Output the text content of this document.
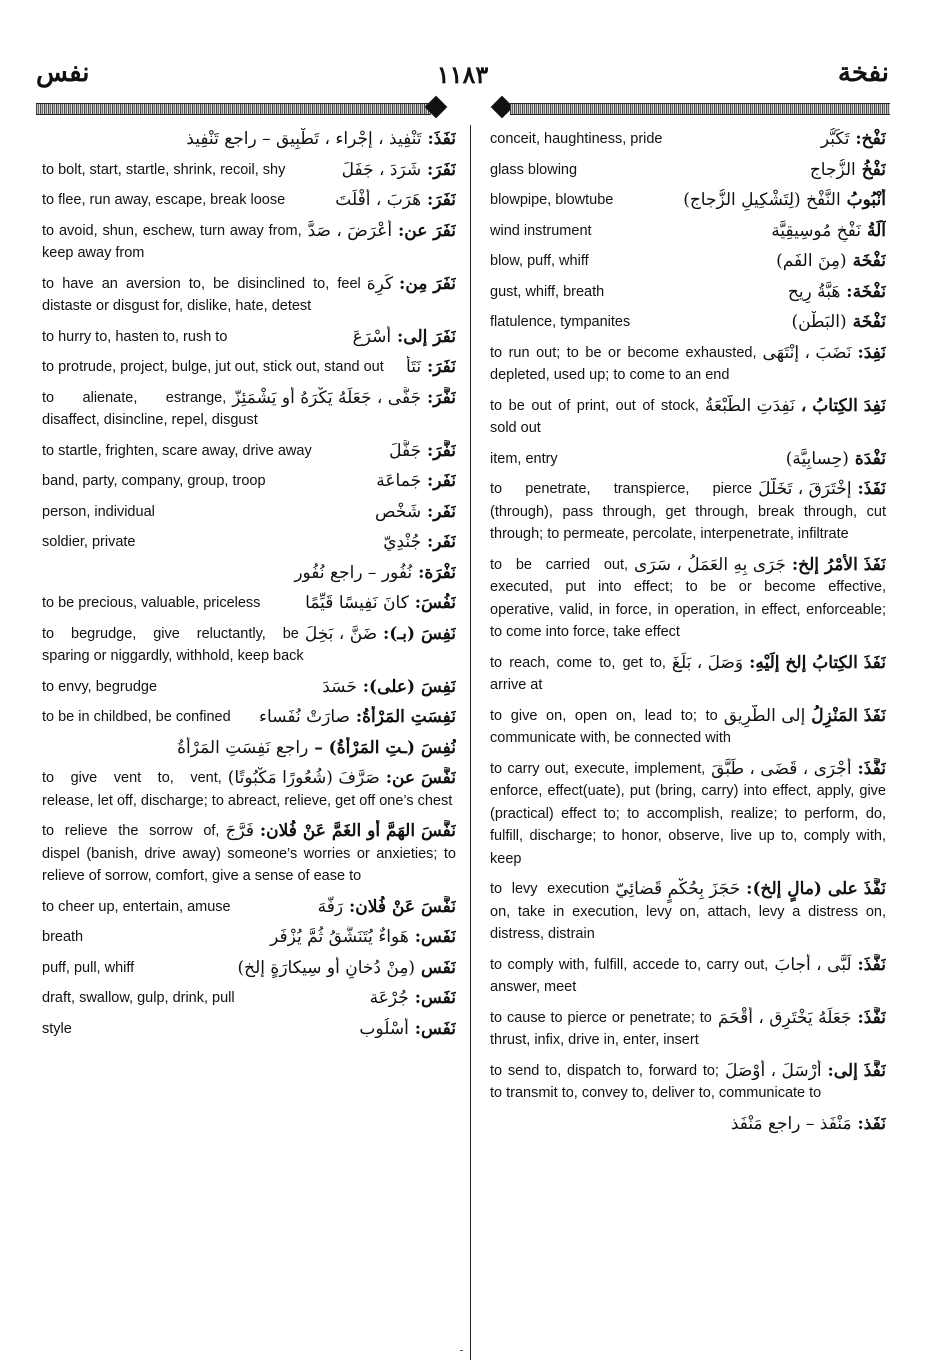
نفس	١١٨٣	نفخة
نَفَذَ: تَنْفِيذ ، إجْراء ، تَطْبِيق – راجع تَنْفِيذ
نَفَرَ: شَرَدَ ، جَفَلَ
to bolt, start, startle, shrink, recoil, shy
نَفَرَ: هَرَبَ ، أفْلَتَ
to flee, run away, escape, break loose
نَفَرَ عن: أعْرَضَ ، صَدَّ
to avoid, shun, eschew, turn away from, keep away from
نَفَرَ مِن: كَرِهَ
to have an aversion to, be disinclined to, feel distaste or disgust for, dislike, hate, detest
نَفَرَ إلى: أسْرَعَ
to hurry to, hasten to, rush to
نَفَرَ: نَتَأَ
to protrude, project, bulge, jut out, stick out, stand out
نَفَّرَ: جَفَّى ، جَعَلَهُ يَكْرَهُ أو يَشْمَئِزّ
to alienate, estrange, disaffect, disincline, repel, disgust
نَفَّرَ: جَفَّلَ
to startle, frighten, scare away, drive away
نَفَر: جَماعَة
band, party, company, group, troop
نَفَر: شَخْص
person, individual
نَفَر: جُنْدِيّ
soldier, private
نَفْرَة: نُفُور – راجع نُفُور
نَفُسَ: كانَ نَفِيسًا قَيِّمًا
to be precious, valuable, priceless
نَفِسَ (بـ): ضَنَّ ، بَخِلَ
to begrudge, give reluctantly, be sparing or niggardly, withhold, keep back
نَفِسَ (على): حَسَدَ
to envy, begrudge
نَفِسَتِ المَرْأةُ: صارَتْ نُفَساء
to be in childbed, be confined
نُفِسَ (ـتِ المَرْأةُ) – راجع نَفِسَتِ المَرْأةُ
نَفَّسَ عن: صَرَّفَ (شُعُورًا مَكْبُوتًا)
to give vent to, vent, release, let off, discharge; to abreact, relieve, get off one’s chest
نَفَّسَ الهَمَّ أو الغَمَّ عَنْ فُلان: فَرَّجَ
to relieve the sorrow of, dispel (banish, drive away) someone’s worries or anxieties; to relieve of sorrow, comfort, give a sense of ease to
نَفَّسَ عَنْ فُلان: رَفَّهَ
to cheer up, entertain, amuse
نَفَس: هَواءٌ يُتَنَشَّقُ ثُمَّ يُزْفَر
breath
نَفَس (مِنْ دُخانٍ أو سِيكارَةٍ إلخ)
puff, pull, whiff
نَفَس: جُرْعَة
draft, swallow, gulp, drink, pull
نَفَس: أسْلُوب
style
نَفْخ: تَكَبُّر
conceit, haughtiness, pride
نَفْخُ الزُّجاج
glass blowing
أنْبُوبُ النَّفْخ (لِتَشْكِيلِ الزُّجاج)
blowpipe, blowtube
آلَةُ نَفْخٍ مُوسِيقِيَّة
wind instrument
نَفْخَة (مِنَ الفَم)
blow, puff, whiff
نَفْخَة: هَبَّةُ رِيح
gust, whiff, breath
نَفْخَة (البَطْن)
flatulence, tympanites
نَفِدَ: نَضَبَ ، إنْتَهَى
to run out; to be or become exhausted, depleted, used up; to come to an end
نَفِدَ الكِتابُ ، نَفِدَتِ الطَّبْعَةُ
to be out of print, out of stock, sold out
نَفْدَة (حِسابِيَّة)
item, entry
نَفَذَ: إخْتَرَقَ ، تَخَلَّلَ
to penetrate, transpierce, pierce (through), pass through, get through, break through, cut through; to permeate, percolate, interpenetrate, infiltrate
نَفَذَ الأمْرُ إلخ: جَرَى بِهِ العَمَلُ ، سَرَى
to be carried out, executed, put into effect; to be or become effective, operative, valid, in force, in operation, in effect, enforceable; to come into force, take effect
نَفَذَ الكِتابُ إلخ إلَيْهِ: وَصَلَ ، بَلَغَ
to reach, come to, get to, arrive at
نَفَذَ المَنْزِلُ إلى الطَّرِيق
to give on, open on, lead to; to communicate with, be connected with
نَفَّذَ: أجْرَى ، قَضَى ، طَبَّقَ
to carry out, execute, implement, enforce, effect(uate), put (bring, carry) into effect, apply, give (practical) effect to; to accomplish, realize; to perform, do, fulfill, discharge; to honor, observe, live up to, comply with, keep
نَفَّذَ على (مالٍ إلخ): حَجَزَ بِحُكْمٍ قَضائِيّ
to levy execution on, take in execution, levy on, attach, levy a distress on, distress, distrain
نَفَّذَ: لَبَّى ، أجابَ
to comply with, fulfill, accede to, carry out, answer, meet
نَفَّذَ: جَعَلَهُ يَخْتَرِق ، أقْحَمَ
to cause to pierce or penetrate; to thrust, infix, drive in, enter, insert
نَفَّذَ إلى: أرْسَلَ ، أوْصَلَ
to send to, dispatch to, forward to; to transmit to, convey to, deliver to, communicate to
نَفَذ: مَنْفَذ – راجع مَنْفَذ
